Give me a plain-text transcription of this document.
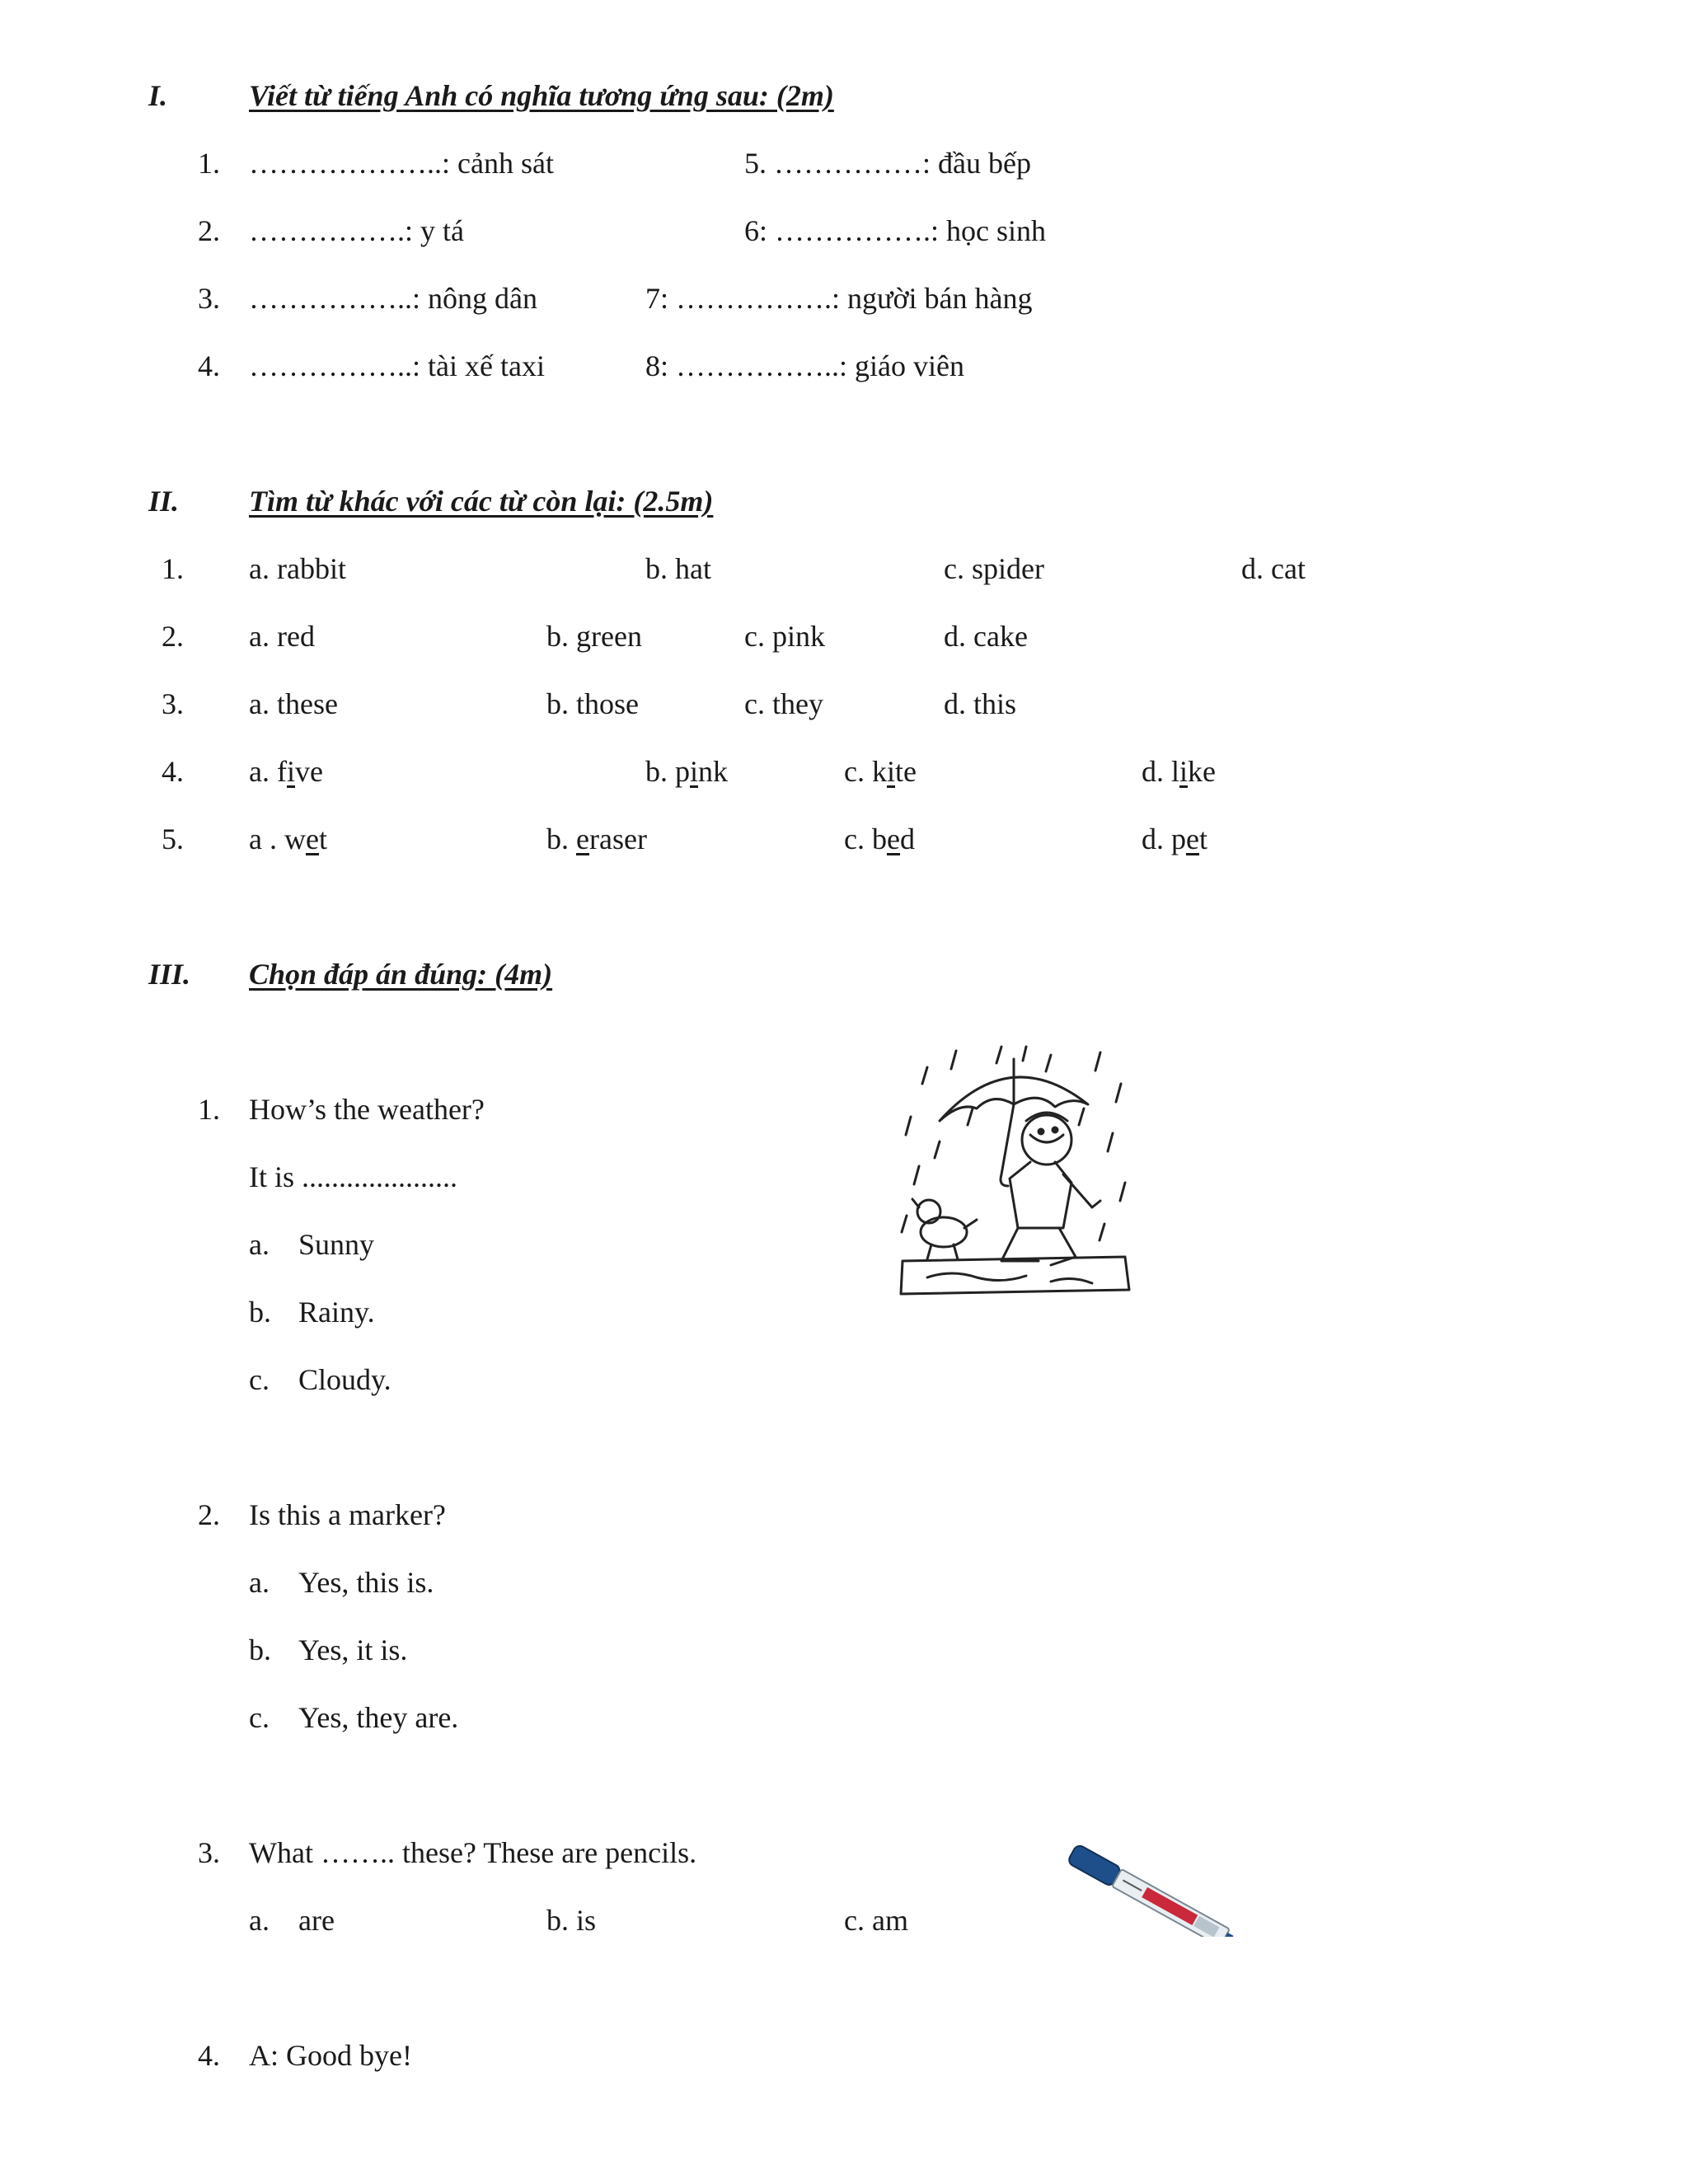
I.	Viết từ tiếng Anh có nghĩa tương ứng sau: (2m)
1. ………………..: cảnh sát
2. …………….: y tá
3. ……………..: nông dân
4. ……………..: tài xế taxi
5. ……………: đầu bếp
6: …………….: học sinh
7: …………….: người bán hàng
8: ……………..: giáo viên
II. Tìm từ khác với các từ còn lại: (2.5m)
1. a. rabbit	b. hat	c. spider	d. cat
2. a. red	b. green	c. pink	d. cake
3. a. these	b. those	c. they	d. this
4. a. five	b. pink	c. kite	d. like
5. a . wet	b. eraser	c. bed	d. pet
III. Chọn đáp án đúng: (4m)
1. How’s the weather?
It is .....................
a. Sunny
b. Rainy.
c. Cloudy.
2. Is this a marker?
a. Yes, this is.
b. Yes, it is.
c. Yes, they are.
3. What …….. these? These are pencils.
a. are	b. is	c. am
4. A: Good bye!
